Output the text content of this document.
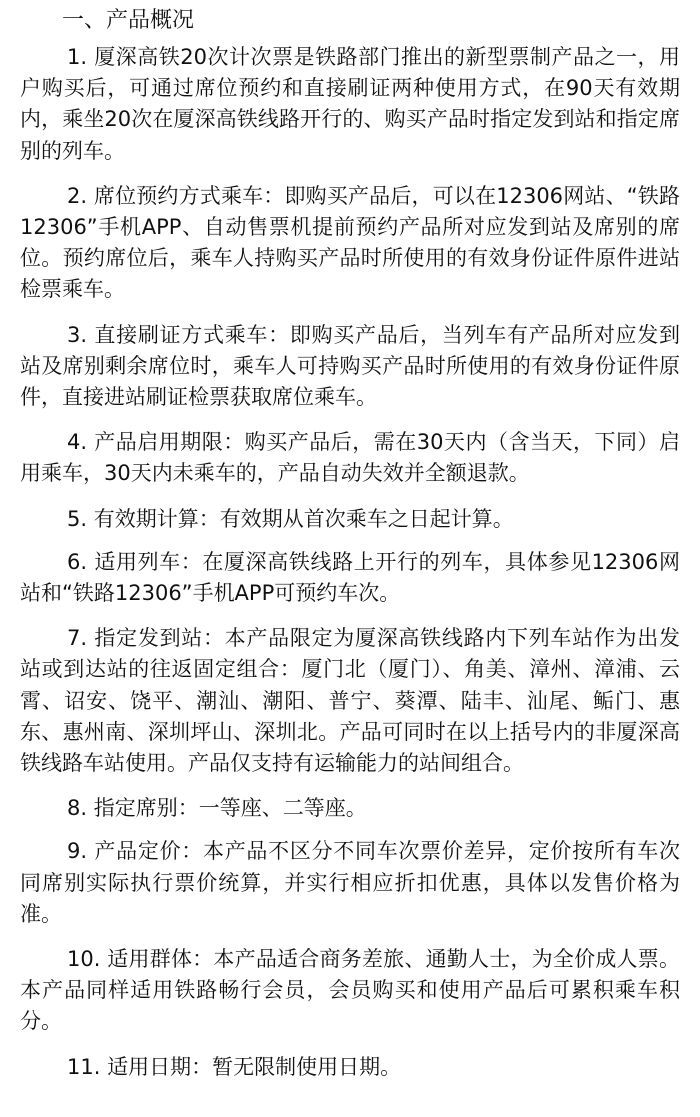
一、产品概况

1. 厦深高铁20次计次票是铁路部门推出的新型票制产品之一，用户购买后，可通过席位预约和直接刷证两种使用方式，在90天有效期内，乘坐20次在厦深高铁线路开行的、购买产品时指定发到站和指定席别的列车。

2. 席位预约方式乘车：即购买产品后，可以在12306网站、“铁路12306”手机APP、自动售票机提前预约产品所对应发到站及席别的席位。预约席位后，乘车人持购买产品时所使用的有效身份证件原件进站检票乘车。

3. 直接刷证方式乘车：即购买产品后，当列车有产品所对应发到站及席别剩余席位时，乘车人可持购买产品时所使用的有效身份证件原件，直接进站刷证检票获取席位乘车。

4. 产品启用期限：购买产品后，需在30天内（含当天，下同）启用乘车，30天内未乘车的，产品自动失效并全额退款。

5. 有效期计算：有效期从首次乘车之日起计算。

6. 适用列车：在厦深高铁线路上开行的列车，具体参见12306网站和“铁路12306”手机APP可预约车次。

7. 指定发到站：本产品限定为厦深高铁线路内下列车站作为出发站或到达站的往返固定组合：厦门北（厦门）、角美、漳州、漳浦、云霄、诏安、饶平、潮汕、潮阳、普宁、葵潭、陆丰、汕尾、鲘门、惠东、惠州南、深圳坪山、深圳北。产品可同时在以上括号内的非厦深高铁线路车站使用。产品仅支持有运输能力的站间组合。

8. 指定席别：一等座、二等座。

9. 产品定价：本产品不区分不同车次票价差异，定价按所有车次同席别实际执行票价统算，并实行相应折扣优惠，具体以发售价格为准。

10. 适用群体：本产品适合商务差旅、通勤人士，为全价成人票。本产品同样适用铁路畅行会员，会员购买和使用产品后可累积乘车积分。

11. 适用日期：暂无限制使用日期。
